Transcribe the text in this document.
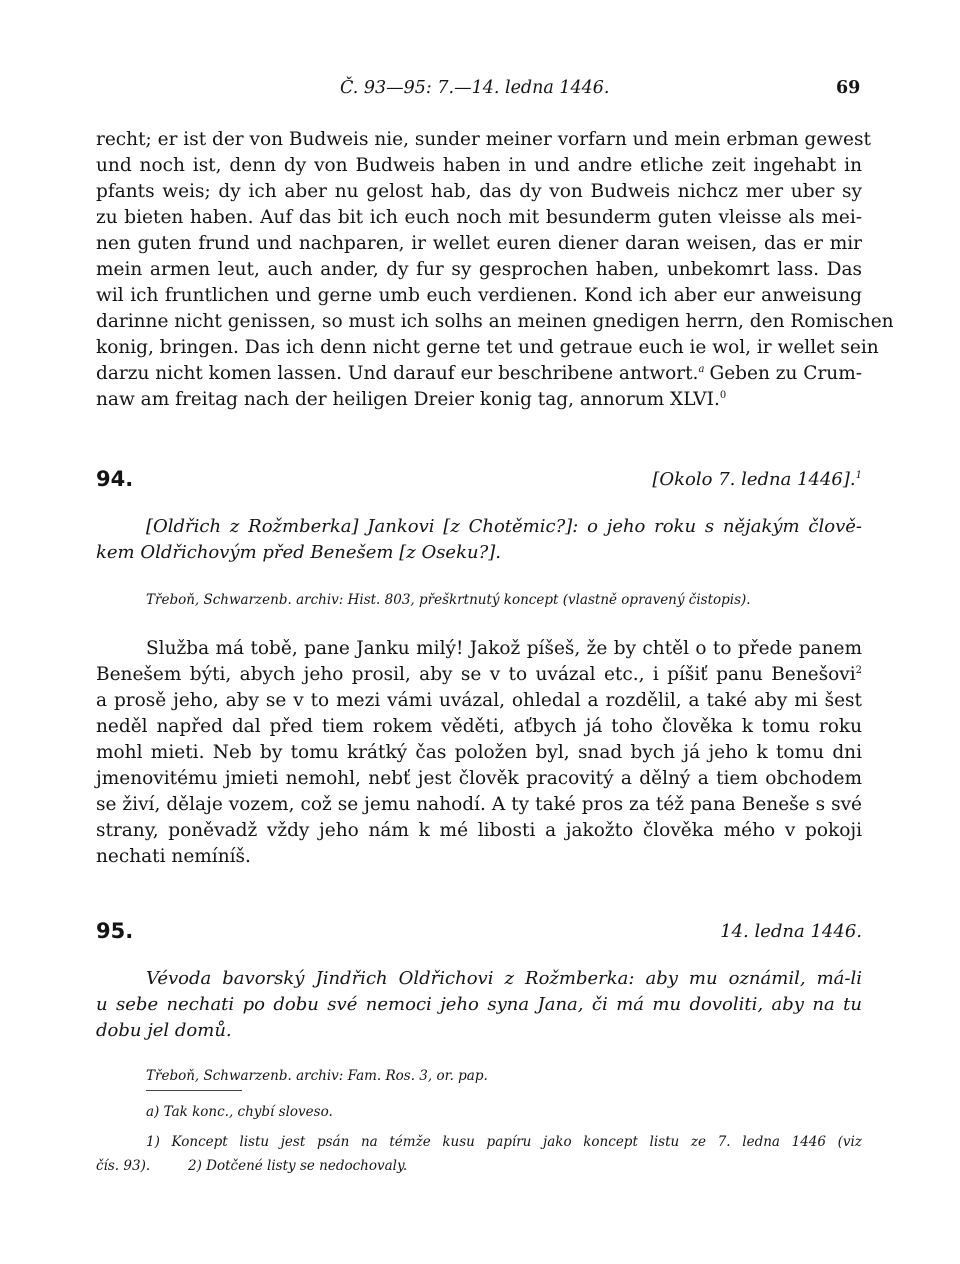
Č. 93—95: 7.—14. ledna 1446.	69
recht; er ist der von Budweis nie, sunder meiner vorfarn und mein erbman gewest
und noch ist, denn dy von Budweis haben in und andre etliche zeit ingehabt in
pfants weis; dy ich aber nu gelost hab, das dy von Budweis nichcz mer uber sy
zu bieten haben. Auf das bit ich euch noch mit besunderm guten vleisse als mei-
nen guten frund und nachparen, ir wellet euren diener daran weisen, das er mir
mein armen leut, auch ander, dy fur sy gesprochen haben, unbekomrt lass. Das
wil ich fruntlichen und gerne umb euch verdienen. Kond ich aber eur anweisung
darinne nicht genissen, so must ich solhs an meinen gnedigen herrn, den Romischen
konig, bringen. Das ich denn nicht gerne tet und getraue euch ie wol, ir wellet sein
darzu nicht komen lassen. Und darauf eur beschribene antwort.$^a$ Geben zu Crum-
naw am freitag nach der heiligen Dreier konig tag, annorum XLVI.$^0$
94.	[Okolo 7. ledna 1446].$^1$
[Oldřich z Rožmberka] Jankovi [z Chotěmic?]: o jeho roku s nějakým člově-
kem Oldřichovým před Benešem [z Oseku?].
Třeboň, Schwarzenb. archiv: Hist. 803, přeškrtnutý koncept (vlastně opravený čistopis).
Služba má tobě, pane Janku milý! Jakož píšeš, že by chtěl o to přede panem
Benešem býti, abych jeho prosil, aby se v to uvázal etc., i píšiť panu Benešovi$^2$
a prosě jeho, aby se v to mezi vámi uvázal, ohledal a rozdělil, a také aby mi šest
neděl napřed dal před tiem rokem věděti, aťbych já toho člověka k tomu roku
mohl mieti. Neb by tomu krátký čas položen byl, snad bych já jeho k tomu dni
jmenovitému jmieti nemohl, nebť jest člověk pracovitý a dělný a tiem obchodem
se živí, dělaje vozem, což se jemu nahodí. A ty také pros za též pana Beneše s své
strany, poněvadž vždy jeho nám k mé libosti a jakožto člověka mého v pokoji
nechati nemíníš.
95.	14. ledna 1446.
Vévoda bavorský Jindřich Oldřichovi z Rožmberka: aby mu oznámil, má-li
u sebe nechati po dobu své nemoci jeho syna Jana, či má mu dovoliti, aby na tu
dobu jel domů.
Třeboň, Schwarzenb. archiv: Fam. Ros. 3, or. pap.
a) Tak konc., chybí sloveso.
1) Koncept listu jest psán na témže kusu papíru jako koncept listu ze 7. ledna 1446 (viz
čís. 93).	2) Dotčené listy se nedochovaly.
